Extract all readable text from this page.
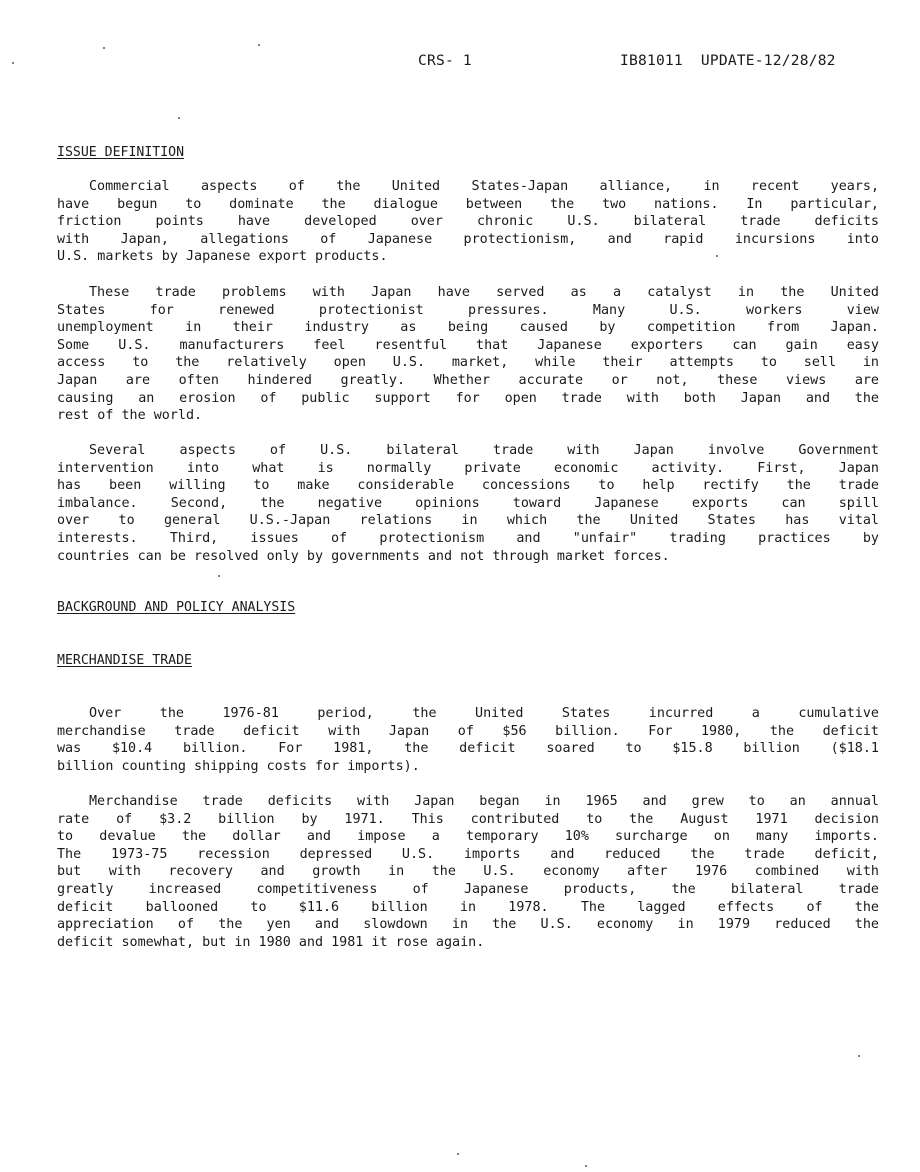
CRS- 1	IB81011  UPDATE-12/28/82
ISSUE DEFINITION
Commercial aspects of the United States-Japan alliance, in recent years,
have begun to dominate the dialogue between the two nations. In particular,
friction points have developed over chronic U.S. bilateral trade deficits
with Japan, allegations of Japanese protectionism, and rapid incursions into
U.S. markets by Japanese export products.
These trade problems with Japan have served as a catalyst in the United
States for renewed protectionist pressures. Many U.S. workers view
unemployment in their industry as being caused by competition from Japan.
Some U.S. manufacturers feel resentful that Japanese exporters can gain easy
access to the relatively open U.S. market, while their attempts to sell in
Japan are often hindered greatly. Whether accurate or not, these views are
causing an erosion of public support for open trade with both Japan and the
rest of the world.
Several aspects of U.S. bilateral trade with Japan involve Government
intervention into what is normally private economic activity. First, Japan
has been willing to make considerable concessions to help rectify the trade
imbalance. Second, the negative opinions toward Japanese exports can spill
over to general U.S.-Japan relations in which the United States has vital
interests. Third, issues of protectionism and "unfair" trading practices by
countries can be resolved only by governments and not through market forces.
BACKGROUND AND POLICY ANALYSIS
MERCHANDISE TRADE
Over the 1976-81 period, the United States incurred a cumulative
merchandise trade deficit with Japan of $56 billion. For 1980, the deficit
was $10.4 billion. For 1981, the deficit soared to $15.8 billion ($18.1
billion counting shipping costs for imports).
Merchandise trade deficits with Japan began in 1965 and grew to an annual
rate of $3.2 billion by 1971. This contributed to the August 1971 decision
to devalue the dollar and impose a temporary 10% surcharge on many imports.
The 1973-75 recession depressed U.S. imports and reduced the trade deficit,
but with recovery and growth in the U.S. economy after 1976 combined with
greatly increased competitiveness of Japanese products, the bilateral trade
deficit ballooned to $11.6 billion in 1978. The lagged effects of the
appreciation of the yen and slowdown in the U.S. economy in 1979 reduced the
deficit somewhat, but in 1980 and 1981 it rose again.
